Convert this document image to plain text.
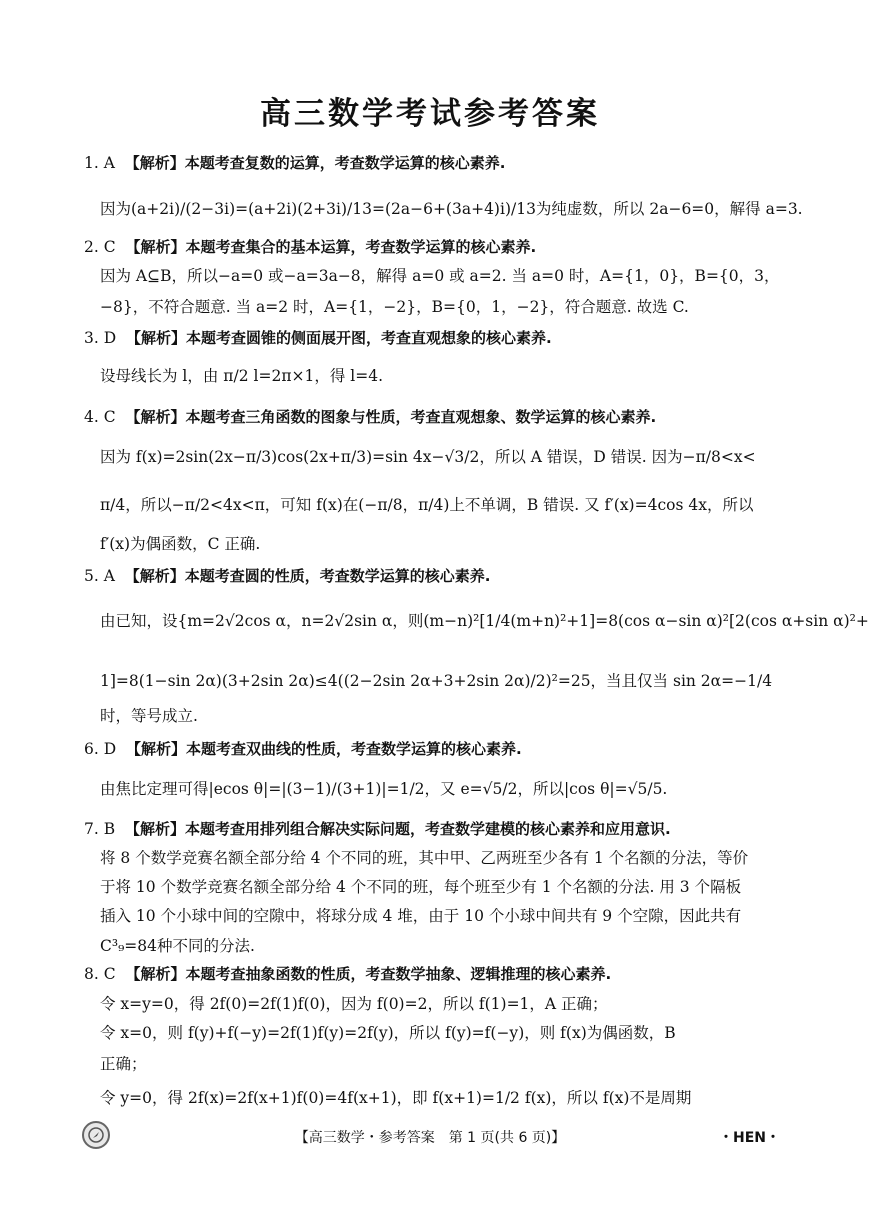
高三数学考试参考答案
1. A 【解析】本题考查复数的运算，考查数学运算的核心素养.
因为(a+2i)/(2−3i)=(a+2i)(2+3i)/13=(2a−6+(3a+4)i)/13为纯虚数，所以 2a−6=0，解得 a=3.
2. C 【解析】本题考查集合的基本运算，考查数学运算的核心素养.
因为 A⊆B，所以−a=0 或−a=3a−8，解得 a=0 或 a=2. 当 a=0 时，A={1，0}，B={0，3，
−8}，不符合题意. 当 a=2 时，A={1，−2}，B={0，1，−2}，符合题意. 故选 C.
3. D 【解析】本题考查圆锥的侧面展开图，考查直观想象的核心素养.
设母线长为 l，由 π/2 l=2π×1，得 l=4.
4. C 【解析】本题考查三角函数的图象与性质，考查直观想象、数学运算的核心素养.
因为 f(x)=2sin(2x−π/3)cos(2x+π/3)=sin 4x−√3/2，所以 A 错误，D 错误. 因为−π/8<x<
π/4，所以−π/2<4x<π，可知 f(x)在(−π/8，π/4)上不单调，B 错误. 又 f′(x)=4cos 4x，所以
f′(x)为偶函数，C 正确.
5. A 【解析】本题考查圆的性质，考查数学运算的核心素养.
由已知，设{m=2√2cos α，n=2√2sin α，则(m−n)²[1/4(m+n)²+1]=8(cos α−sin α)²[2(cos α+sin α)²+
1]=8(1−sin 2α)(3+2sin 2α)≤4((2−2sin 2α+3+2sin 2α)/2)²=25，当且仅当 sin 2α=−1/4
时，等号成立.
6. D 【解析】本题考查双曲线的性质，考查数学运算的核心素养.
由焦比定理可得|ecos θ|=|(3−1)/(3+1)|=1/2，又 e=√5/2，所以|cos θ|=√5/5.
7. B 【解析】本题考查用排列组合解决实际问题，考查数学建模的核心素养和应用意识.
将 8 个数学竞赛名额全部分给 4 个不同的班，其中甲、乙两班至少各有 1 个名额的分法，等价
于将 10 个数学竞赛名额全部分给 4 个不同的班，每个班至少有 1 个名额的分法. 用 3 个隔板
插入 10 个小球中间的空隙中，将球分成 4 堆，由于 10 个小球中间共有 9 个空隙，因此共有
C³₉=84种不同的分法.
8. C 【解析】本题考查抽象函数的性质，考查数学抽象、逻辑推理的核心素养.
令 x=y=0，得 2f(0)=2f(1)f(0)，因为 f(0)=2，所以 f(1)=1，A 正确；
令 x=0，则 f(y)+f(−y)=2f(1)f(y)=2f(y)，所以 f(y)=f(−y)，则 f(x)为偶函数，B
正确；
令 y=0，得 2f(x)=2f(x+1)f(0)=4f(x+1)，即 f(x+1)=1/2 f(x)，所以 f(x)不是周期
【高三数学・参考答案　第 1 页(共 6 页)】	・HEN・
